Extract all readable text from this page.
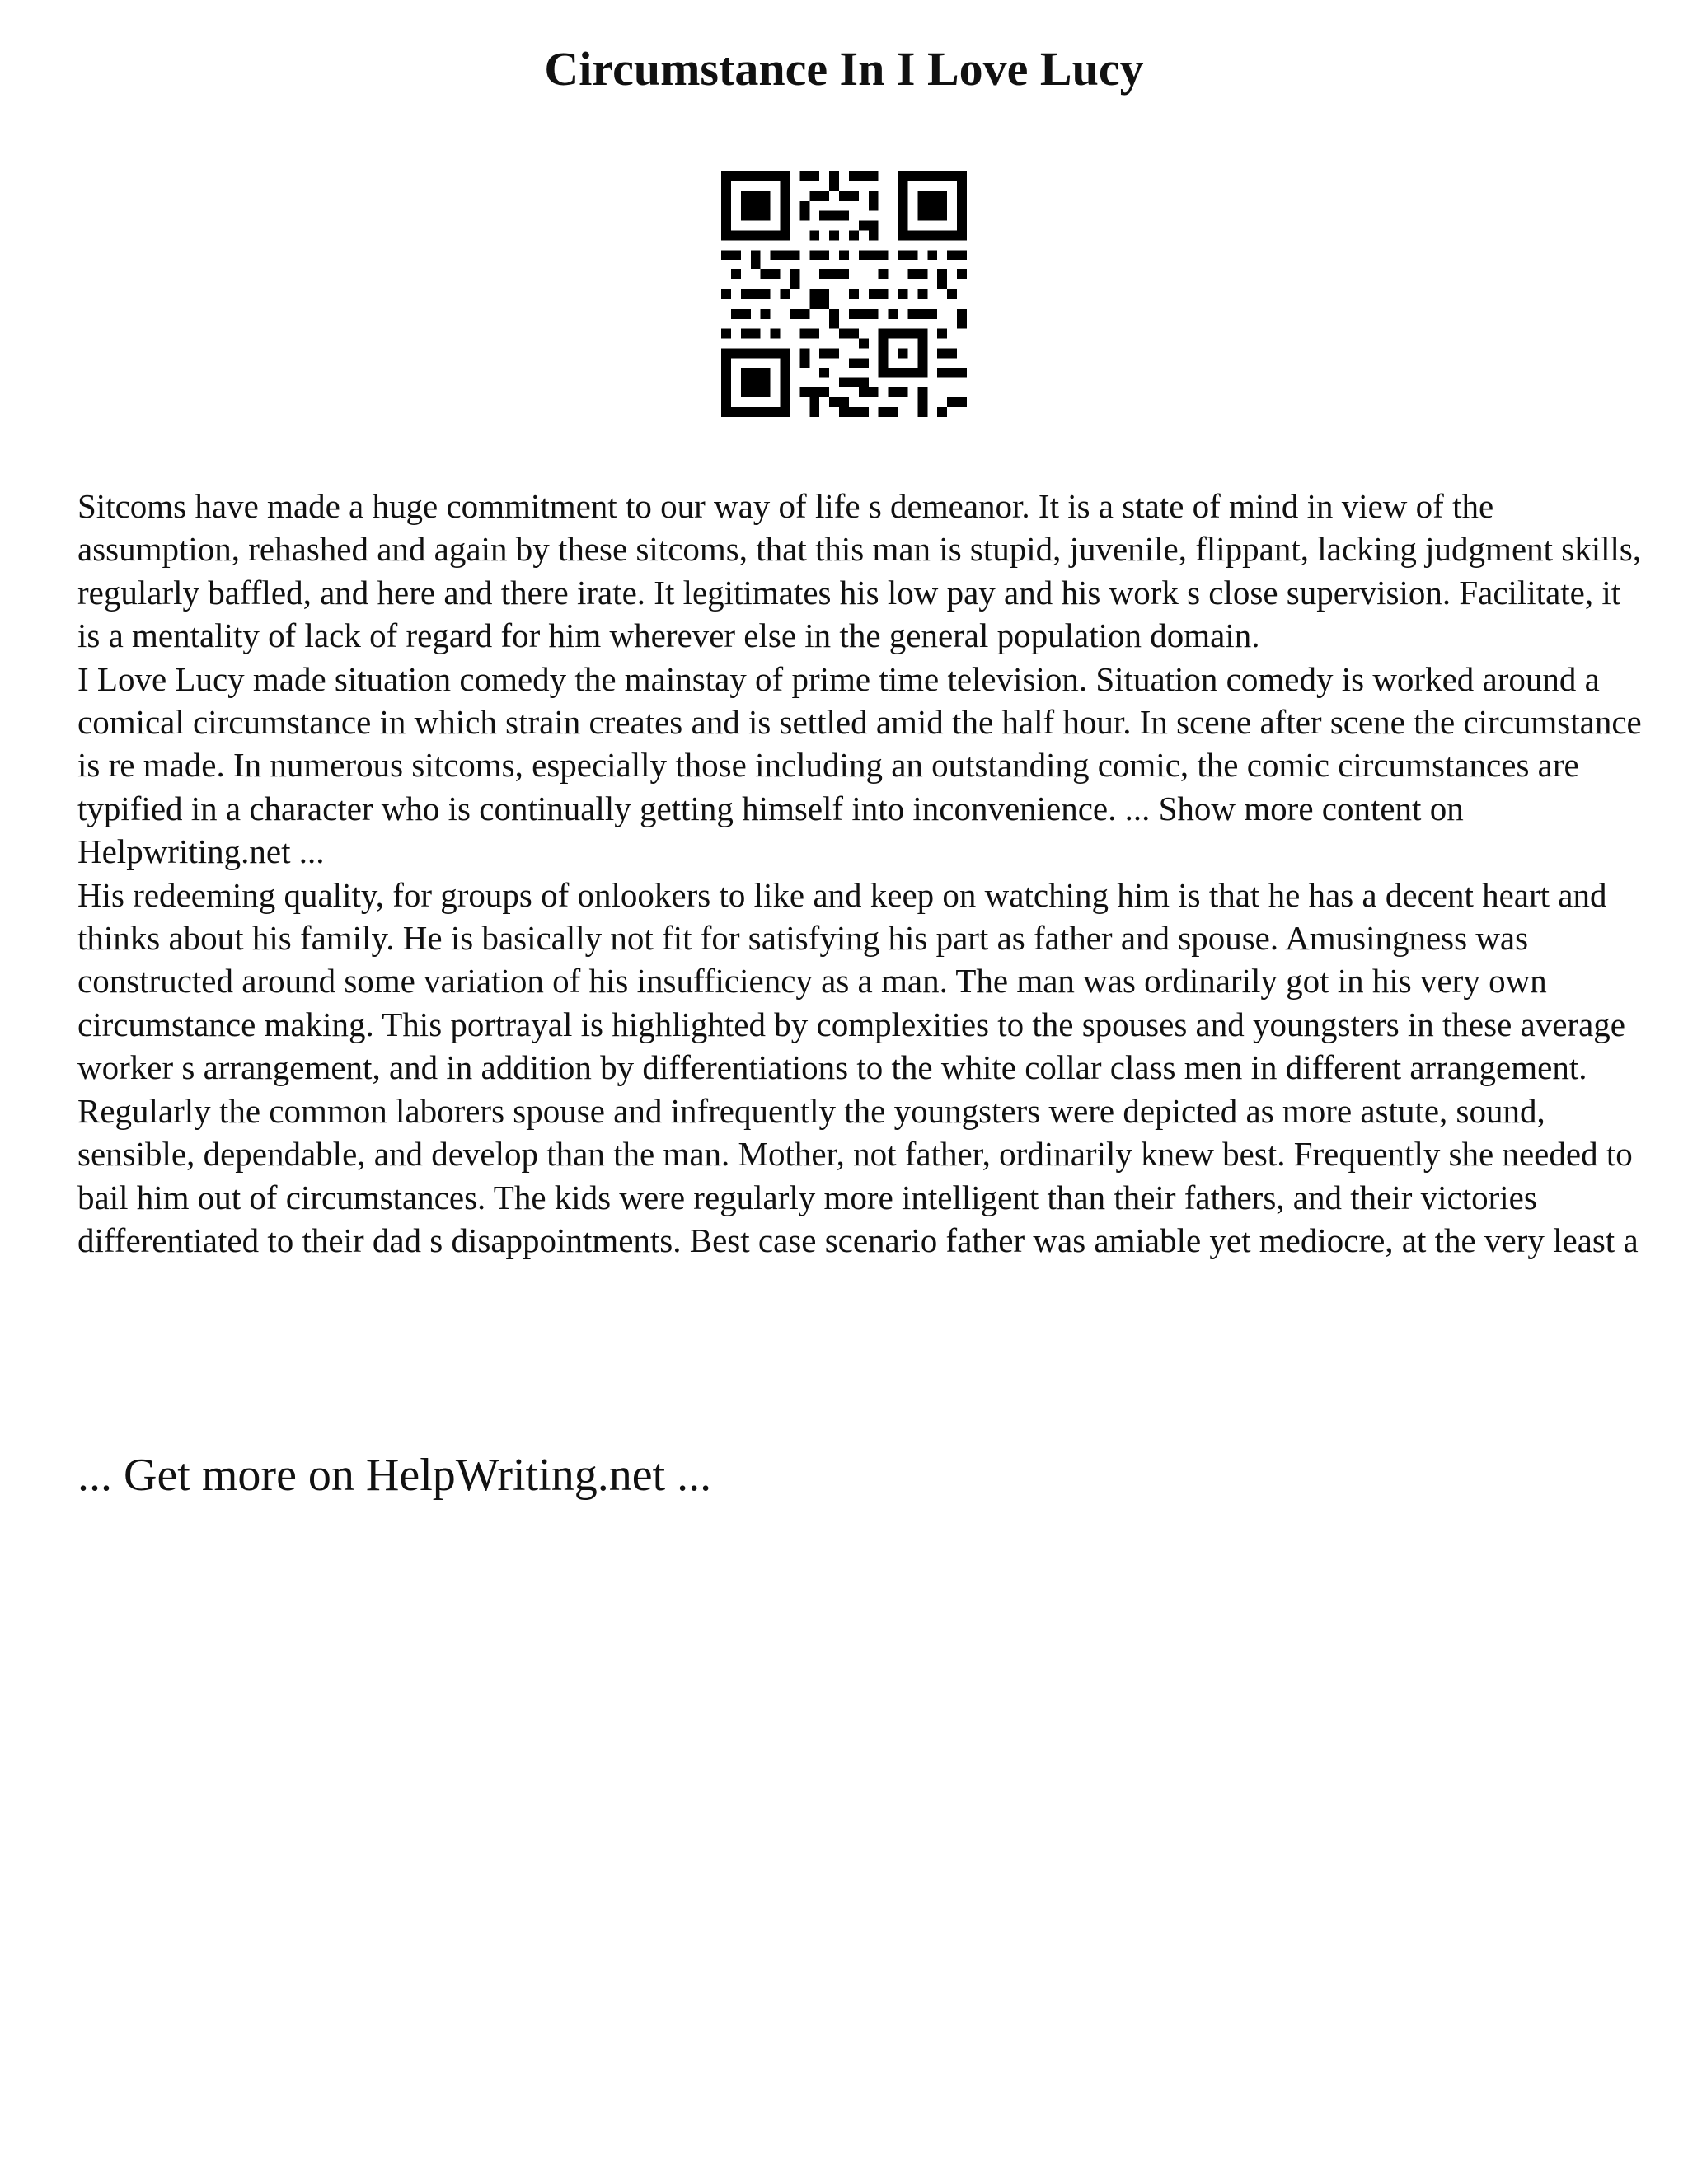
Circumstance In I Love Lucy

Sitcoms have made a huge commitment to our way of life s demeanor. It is a state of mind in view of the assumption, rehashed and again by these sitcoms, that this man is stupid, juvenile, flippant, lacking judgment skills, regularly baffled, and here and there irate. It legitimates his low pay and his work s close supervision. Facilitate, it is a mentality of lack of regard for him wherever else in the general population domain.

I Love Lucy made situation comedy the mainstay of prime time television. Situation comedy is worked around a comical circumstance in which strain creates and is settled amid the half hour. In scene after scene the circumstance is re made. In numerous sitcoms, especially those including an outstanding comic, the comic circumstances are typified in a character who is continually getting himself into inconvenience. ... Show more content on Helpwriting.net ...

His redeeming quality, for groups of onlookers to like and keep on watching him is that he has a decent heart and thinks about his family. He is basically not fit for satisfying his part as father and spouse. Amusingness was constructed around some variation of his insufficiency as a man. The man was ordinarily got in his very own circumstance making. This portrayal is highlighted by complexities to the spouses and youngsters in these average worker s arrangement, and in addition by differentiations to the white collar class men in different arrangement. Regularly the common laborers spouse and infrequently the youngsters were depicted as more astute, sound, sensible, dependable, and develop than the man. Mother, not father, ordinarily knew best. Frequently she needed to bail him out of circumstances. The kids were regularly more intelligent than their fathers, and their victories differentiated to their dad s disappointments. Best case scenario father was amiable yet mediocre, at the very least a

... Get more on HelpWriting.net ...
